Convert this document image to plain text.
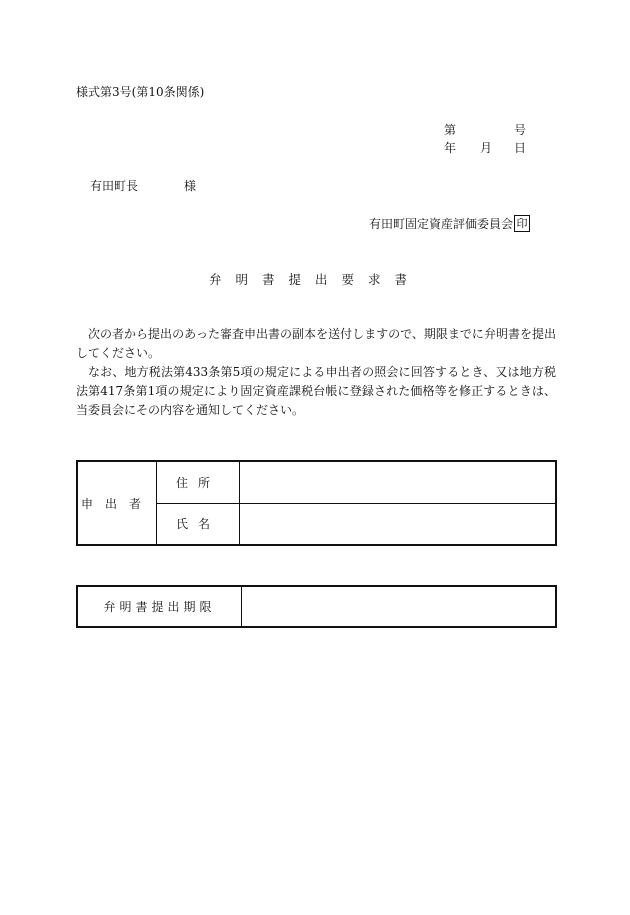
様式第3号(第10条関係)
第	号
年 月 日
有田町長	様
有田町固定資産評価委員会 印
弁明書提出要求書

次の者から提出のあった審査申出書の副本を送付しますので、期限までに弁明書を提出してください。

なお、地方税法第433条第5項の規定による申出者の照会に回答するとき、又は地方税法第417条第1項の規定により固定資産課税台帳に登録された価格等を修正するときは、当委員会にその内容を通知してください。

申出者	住所	
	氏名	
弁明書提出期限	
